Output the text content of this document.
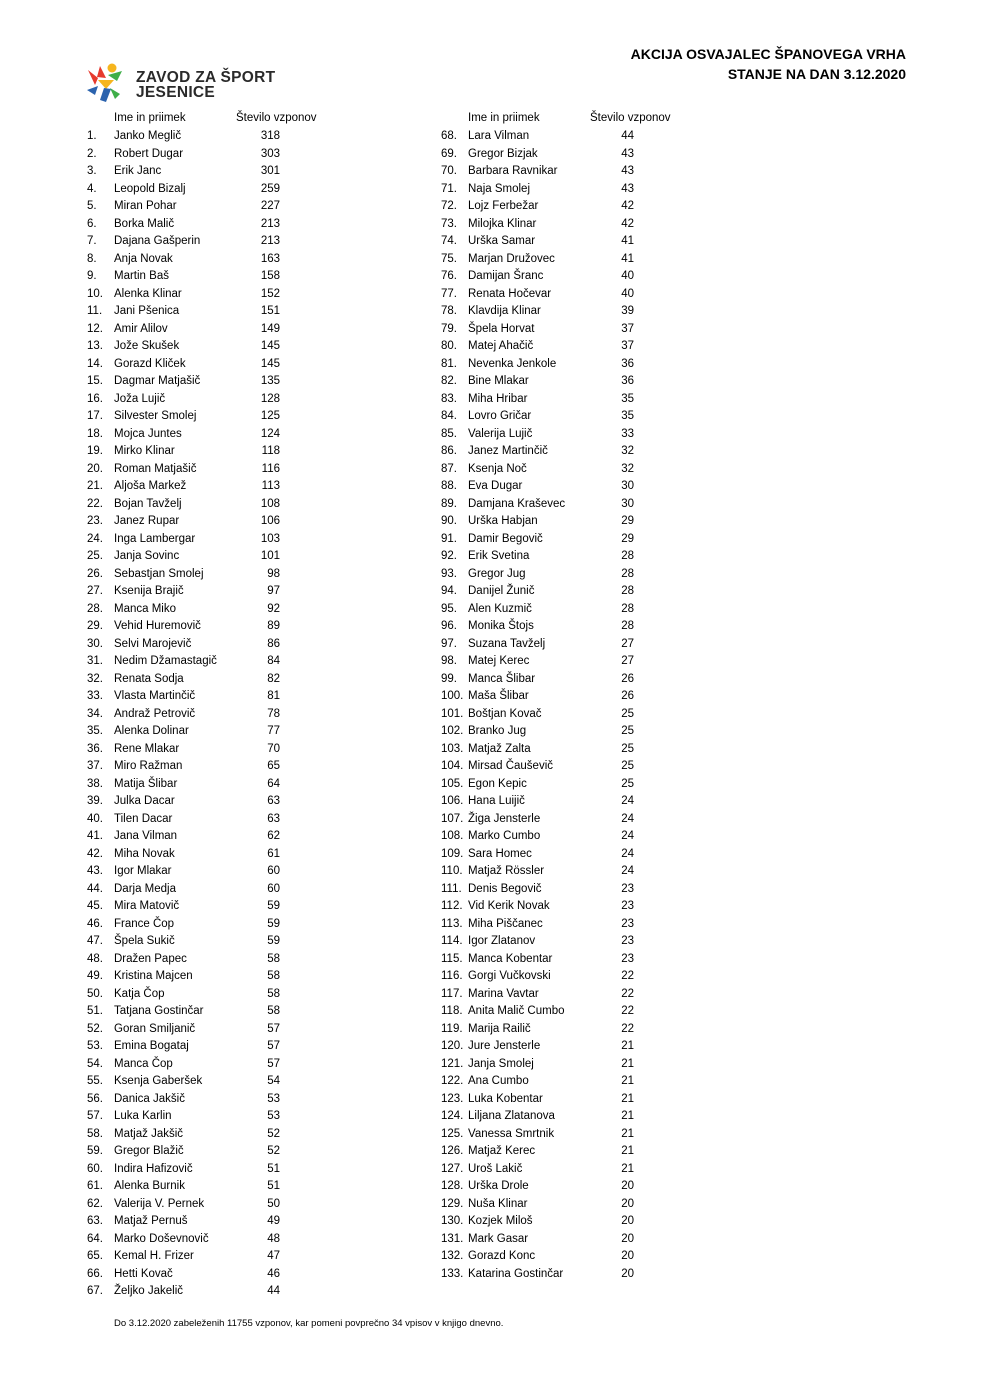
AKCIJA OSVAJALEC ŠPANOVEGA VRHA
STANJE NA DAN 3.12.2020
ZAVOD ZA ŠPORT
JESENICE
Ime in priimek	Število vzponov
1. Janko Meglič	318
2. Robert Dugar	303
3. Erik Janc	301
4. Leopold Bizalj	259
5. Miran Pohar	227
6. Borka Malič	213
7. Dajana Gašperin	213
8. Anja Novak	163
9. Martin Baš	158
10. Alenka Klinar	152
11. Jani Pšenica	151
12. Amir Alilov	149
13. Jože Skušek	145
14. Gorazd Kliček	145
15. Dagmar Matjašič	135
16. Joža Lujič	128
17. Silvester Smolej	125
18. Mojca Juntes	124
19. Mirko Klinar	118
20. Roman Matjašič	116
21. Aljoša Markež	113
22. Bojan Tavželj	108
23. Janez Rupar	106
24. Inga Lambergar	103
25. Janja Sovinc	101
26. Sebastjan Smolej	98
27. Ksenija Brajič	97
28. Manca Miko	92
29. Vehid Huremovič	89
30. Selvi Marojevič	86
31. Nedim Džamastagič	84
32. Renata Sodja	82
33. Vlasta Martinčič	81
34. Andraž Petrovič	78
35. Alenka Dolinar	77
36. Rene Mlakar	70
37. Miro Ražman	65
38. Matija Šlibar	64
39. Julka Dacar	63
40. Tilen Dacar	63
41. Jana Vilman	62
42. Miha Novak	61
43. Igor Mlakar	60
44. Darja Medja	60
45. Mira Matovič	59
46. France Čop	59
47. Špela Sukič	59
48. Dražen Papec	58
49. Kristina Majcen	58
50. Katja Čop	58
51. Tatjana Gostinčar	58
52. Goran Smiljanič	57
53. Emina Bogataj	57
54. Manca Čop	57
55. Ksenja Gaberšek	54
56. Danica Jakšič	53
57. Luka Karlin	53
58. Matjaž Jakšič	52
59. Gregor Blažič	52
60. Indira Hafizovič	51
61. Alenka Burnik	51
62. Valerija V. Pernek	50
63. Matjaž Pernuš	49
64. Marko Doševnovič	48
65. Kemal H. Frizer	47
66. Hetti Kovač	46
67. Željko Jakelič	44
Ime in priimek	Število vzponov
68. Lara Vilman	44
69. Gregor Bizjak	43
70. Barbara Ravnikar	43
71. Naja Smolej	43
72. Lojz Ferbežar	42
73. Milojka Klinar	42
74. Urška Samar	41
75. Marjan Družovec	41
76. Damijan Šranc	40
77. Renata Hočevar	40
78. Klavdija Klinar	39
79. Špela Horvat	37
80. Matej Ahačič	37
81. Nevenka Jenkole	36
82. Bine Mlakar	36
83. Miha Hribar	35
84. Lovro Gričar	35
85. Valerija Lujič	33
86. Janez Martinčič	32
87. Ksenja Noč	32
88. Eva Dugar	30
89. Damjana Kraševec	30
90. Urška Habjan	29
91. Damir Begovič	29
92. Erik Svetina	28
93. Gregor Jug	28
94. Danijel Žunič	28
95. Alen Kuzmič	28
96. Monika Štojs	28
97. Suzana Tavželj	27
98. Matej Kerec	27
99. Manca Šlibar	26
100. Maša Šlibar	26
101. Boštjan Kovač	25
102. Branko Jug	25
103. Matjaž Zalta	25
104. Mirsad Čauševič	25
105. Egon Kepic	25
106. Hana Luijič	24
107. Žiga Jensterle	24
108. Marko Cumbo	24
109. Sara Homec	24
110. Matjaž Rössler	24
111. Denis Begovič	23
112. Vid Kerik Novak	23
113. Miha Piščanec	23
114. Igor Zlatanov	23
115. Manca Kobentar	23
116. Gorgi Vučkovski	22
117. Marina Vavtar	22
118. Anita Malič Cumbo	22
119. Marija Railič	22
120. Jure Jensterle	21
121. Janja Smolej	21
122. Ana Cumbo	21
123. Luka Kobentar	21
124. Liljana Zlatanova	21
125. Vanessa Smrtnik	21
126. Matjaž Kerec	21
127. Uroš Lakič	21
128. Urška Drole	20
129. Nuša Klinar	20
130. Kozjek Miloš	20
131. Mark Gasar	20
132. Gorazd Konc	20
133. Katarina Gostinčar	20
Do 3.12.2020 zabeleženih 11755 vzponov, kar pomeni povprečno 34 vpisov v knjigo dnevno.
